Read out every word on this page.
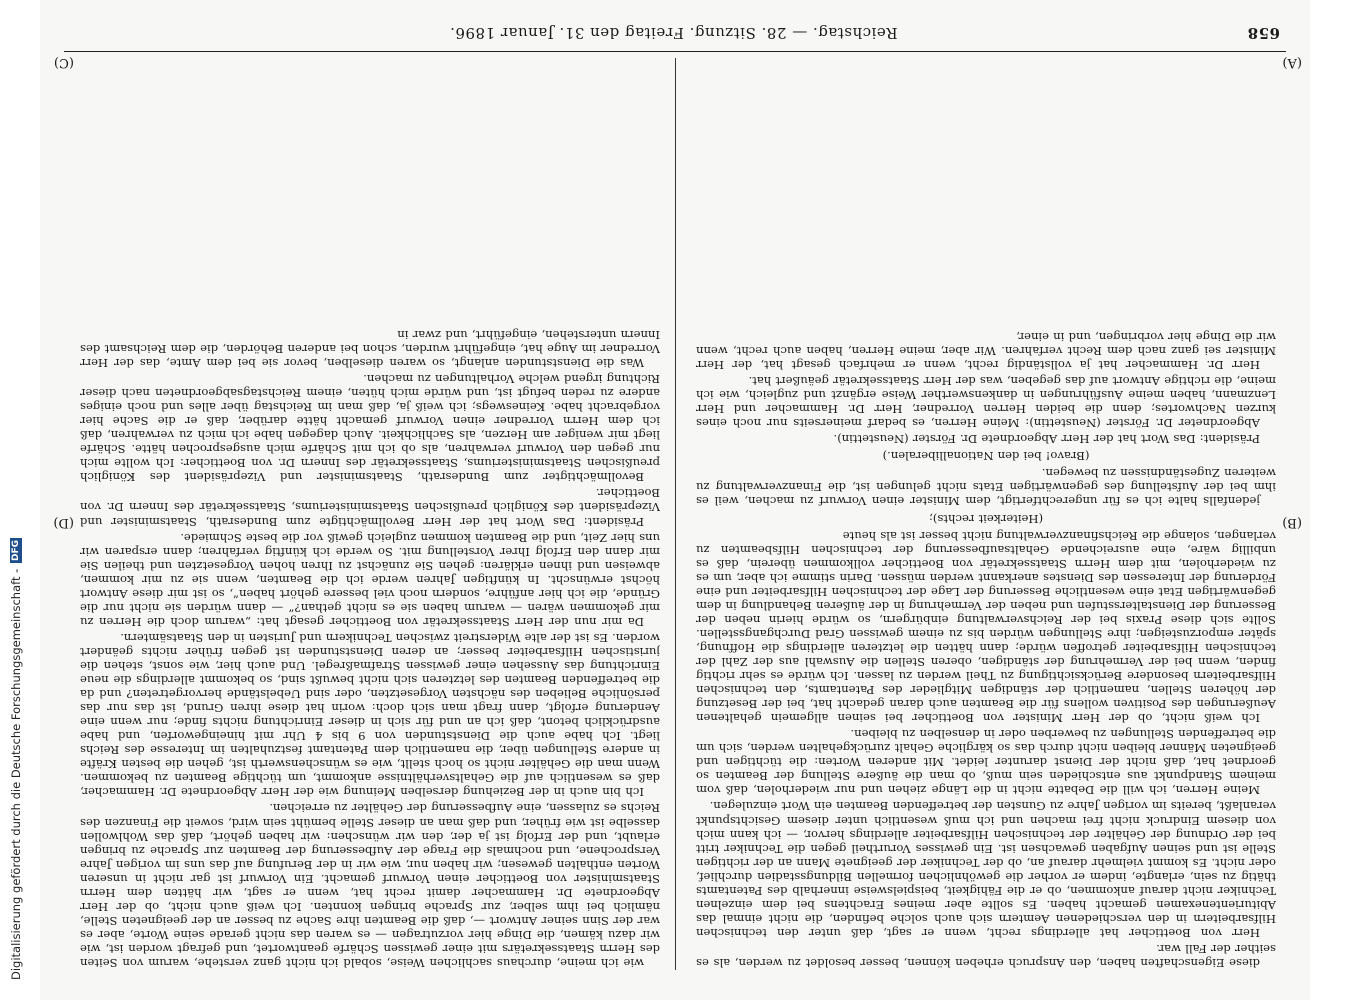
658
Reichstag. — 28. Sitzung. Freitag den 31. Januar 1896.
(A)
(B)
(C)
(D)

diese Eigenschaften haben, den Anspruch erheben können, besser besoldet zu werden, als es seither der Fall war.

Herr von Boetticher hat allerdings recht, wenn er sagt, daß unter den technischen Hilfsarbeitern in den verschiedenen Aemtern sich auch solche befinden, die nicht einmal das Abiturientenexamen gemacht haben. Es sollte aber meines Erachtens bei dem einzelnen Techniker nicht darauf ankommen, ob er die Fähigkeit, beispielsweise innerhalb des Patentamts thätig zu sein, erlangte, indem er vorher die gewöhnlichen formellen Bildungsstadien durchlief, oder nicht. Es kommt vielmehr darauf an, ob der Techniker der geeignete Mann an der richtigen Stelle ist und seinen Aufgaben gewachsen ist. Ein gewisses Vorurtheil gegen die Techniker tritt bei der Ordnung der Gehälter der technischen Hilfsarbeiter allerdings hervor, — ich kann mich von diesem Eindruck nicht frei machen und ich muß wesentlich unter diesem Gesichtspunkt veranlaßt, bereits im vorigen Jahre zu Gunsten der betreffenden Beamten ein Wort einzulegen.

Meine Herren, ich will die Debatte nicht in die Länge ziehen und nur wiederholen, daß vom meinem Standpunkt aus entschieden sein muß, ob man die äußere Stellung der Beamten so geordnet hat, daß nicht der Dienst darunter leidet. Mit anderen Worten: die tüchtigen und geeigneten Männer bleiben nicht durch das so kärgliche Gehalt zurückgehalten werden, sich um die betreffenden Stellungen zu bewerben oder in denselben zu bleiben.

Ich weiß nicht, ob der Herr Minister von Boetticher bei seinen allgemein gehaltenen Aeußerungen des Positiven wollens für die Beamten auch daran gedacht hat, bei der Besetzung der höheren Stellen, namentlich der ständigen Mitglieder des Patentamts, den technischen Hilfsarbeitern besondere Berücksichtigung zu Theil werden zu lassen. Ich würde es sehr richtig finden, wenn bei der Vermehrung der ständigen, oberen Stellen die Auswahl aus der Zahl der technischen Hilfsarbeiter getroffen würde; dann hätten die letzteren allerdings die Hoffnung, später emporzusteigen; ihre Stellungen würden bis zu einem gewissen Grad Durchgangsstellen. Sollte sich diese Praxis bei der Reichsverwaltung einbürgern, so würde hierin neben der Besserung der Dienstaltersstufen und neben der Vermehrung in der äußeren Behandlung in dem gegenwärtigen Etat eine wesentliche Besserung der Lage der technischen Hilfsarbeiter und eine Förderung der Interessen des Dienstes anerkannt werden müssen. Darin stimme ich aber, um es zu wiederholen, mit dem Herrn Staatssekretär von Boetticher vollkommen überein, daß es unbillig wäre, eine ausreichende Gehaltsaufbesserung der technischen Hilfsbeamten zu verlangen, solange die Reichsfinanzverwaltung nicht besser ist als heute

(Heiterkeit rechts);

jedenfalls halte ich es für ungerechtfertigt, dem Minister einen Vorwurf zu machen, weil es ihm bei der Aufstellung des gegenwärtigen Etats nicht gelungen ist, die Finanzverwaltung zu weiteren Zugeständnissen zu bewegen.

(Bravo! bei den Nationalliberalen.)

Präsident: Das Wort hat der Herr Abgeordnete Dr. Förster (Neustettin).

Abgeordneter Dr. Förster (Neustettin): Meine Herren, es bedarf meinerseits nur noch eines kurzen Nachwortes; denn die beiden Herren Vorredner, Herr Dr. Hammacher und Herr Lenzmann, haben meine Ausführungen in dankenswerther Weise ergänzt und zugleich, wie ich meine, die richtige Antwort auf das gegeben, was der Herr Staatssekretär geäußert hat.

Herr Dr. Hammacher hat ja vollständig recht, wenn er mehrfach gesagt hat, der Herr Minister sei ganz nach dem Recht verfahren. Wir aber, meine Herren, haben auch recht, wenn wir die Dinge hier vorbringen, und in einer,

wie ich meine, durchaus sachlichen Weise, sobald ich nicht ganz verstehe, warum von Seiten des Herrn Staatssekretärs mit einer gewissen Schärfe geantwortet, und gefragt worden ist, wie wir dazu kämen, die Dinge hier vorzutragen — es waren das nicht gerade seine Worte, aber es war der Sinn seiner Antwort —, daß die Beamten ihre Sache zu besser an der geeigneten Stelle, nämlich bei ihm selber, zur Sprache bringen konnten. Ich weiß auch nicht, ob der Herr Abgeordnete Dr. Hammacher damit recht hat, wenn er sagt, wir hätten dem Herrn Staatsminister von Boetticher einen Vorwurf gemacht. Ein Vorwurf ist gar nicht in unseren Worten enthalten gewesen; wir haben nur, wie wir in der Berufung auf das uns im vorigen Jahre Versprochene, und nochmals die Frage der Aufbesserung der Beamten zur Sprache zu bringen erlaubt, und der Erfolg ist ja der, den wir wünschen: wir haben gehört, daß das Wohlwollen dasselbe ist wie früher, und daß man an dieser Stelle bemüht sein wird, soweit die Finanzen des Reichs es zulassen, eine Aufbesserung der Gehälter zu erreichen.

Ich bin auch in der Beziehung derselben Meinung wie der Herr Abgeordnete Dr. Hammacher, daß es wesentlich auf die Gehaltsverhältnisse ankommt, um tüchtige Beamten zu bekommen. Wenn man die Gehälter nicht so hoch stellt, wie es wünschenswerth ist, gehen die besten Kräfte in andere Stellungen über, die namentlich dem Patentamt festzuhalten im Interesse des Reichs liegt. Ich habe auch die Dienststunden von 9 bis 4 Uhr mit hineingeworfen, und habe ausdrücklich betont, daß ich an und für sich in dieser Einrichtung nichts finde; nur wenn eine Aenderung erfolgt, dann fragt man sich doch: worin hat diese ihren Grund, ist das nur das persönliche Belieben des nächsten Vorgesetzten, oder sind Uebelstände hervorgetreten? und da die betreffenden Beamten des letzteren sich nicht bewußt sind, so bekommt allerdings die neue Einrichtung das Aussehen einer gewissen Strafmaßregel. Und auch hier, wie sonst, stehen die juristischen Hilfsarbeiter besser; an deren Dienststunden ist gegen früher nichts geändert worden. Es ist der alte Widerstreit zwischen Technikern und Juristen in den Staatsämtern.

Da mir nun der Herr Staatssekretär von Boetticher gesagt hat: „warum doch die Herren zu mir gekommen wären — warum haben sie es nicht gethan?“ — dann würden sie nicht nur die Gründe, die ich hier anführe, sondern noch viel bessere gehört haben“, so ist mir diese Antwort höchst erwünscht. In künftigen Jahren werde ich die Beamten, wenn sie zu mir kommen, abweisen und ihnen erklären: gehen Sie zunächst zu Ihren hohen Vorgesetzten und theilen Sie mir dann den Erfolg Ihrer Vorstellung mit. So werde ich künftig verfahren; dann ersparen wir uns hier Zeit, und die Beamten kommen zugleich gewiß vor die beste Schmiede.

Präsident: Das Wort hat der Herr Bevollmächtigte zum Bundesrath, Staatsminister und Vizepräsident des Königlich preußischen Staatsministeriums, Staatssekretär des Innern Dr. von Boetticher.

Bevollmächtigter zum Bundesrath, Staatsminister und Vizepräsident des Königlich preußischen Staatsministeriums, Staatssekretär des Innern Dr. von Boetticher: Ich wollte mich nur gegen den Vorwurf verwahren, als ob ich mit Schärfe mich ausgesprochen hätte. Schärfe liegt mir weniger am Herzen, als Sachlichkeit. Auch dagegen habe ich mich zu verwahren, daß ich dem Herrn Vorredner einen Vorwurf gemacht hätte darüber, daß er die Sache hier vorgebracht habe. Keineswegs; ich weiß ja, daß man im Reichstag über alles und noch einiges andere zu reden befugt ist, und würde mich hüten, einem Reichstagsabgeordneten nach dieser Richtung irgend welche Vorhaltungen zu machen.

Was die Dienststunden anlangt, so waren dieselben, bevor sie bei dem Amte, das der Herr Vorredner im Auge hat, eingeführt wurden, schon bei anderen Behörden, die dem Reichsamt des Innern unterstehen, eingeführt, und zwar in

Digitalisierung gefördert durch die Deutsche Forschungsgemeinschaft -
DFG
